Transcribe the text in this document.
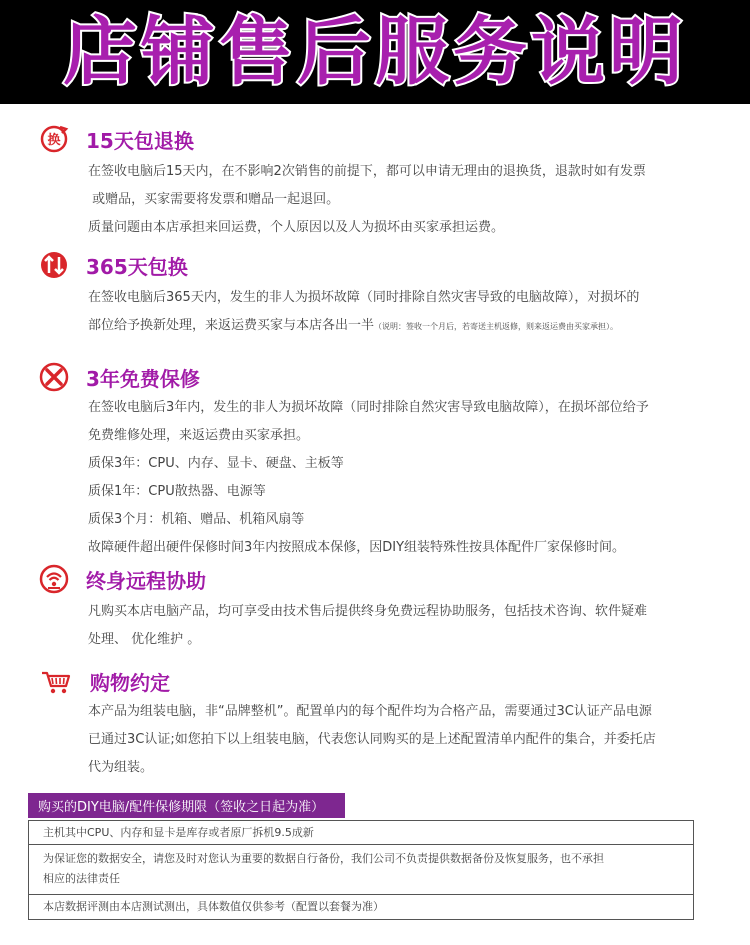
店铺售后服务说明
换 15天包退换

在签收电脑后15天内，在不影响2次销售的前提下，都可以申请无理由的退换货，退款时如有发票

或赠品，买家需要将发票和赠品一起退回。

质量问题由本店承担来回运费，个人原因以及人为损坏由买家承担运费。

365天包换

在签收电脑后365天内，发生的非人为损坏故障（同时排除自然灾害导致的电脑故障），对损坏的

部位给予换新处理，来返运费买家与本店各出一半（说明：签收一个月后，若寄送主机返修，则来返运费由买家承担）。

3年免费保修

在签收电脑后3年内，发生的非人为损坏故障（同时排除自然灾害导致电脑故障），在损坏部位给予

免费维修处理，来返运费由买家承担。

质保3年：CPU、内存、显卡、硬盘、主板等

质保1年：CPU散热器、电源等

质保3个月：机箱、赠品、机箱风扇等

故障硬件超出硬件保修时间3年内按照成本保修，因DIY组装特殊性按具体配件厂家保修时间。

终身远程协助

凡购买本店电脑产品，均可享受由技术售后提供终身免费远程协助服务，包括技术咨询、软件疑难

处理、 优化维护 。

购物约定

本产品为组装电脑，非“品牌整机”。配置单内的每个配件均为合格产品，需要通过3C认证产品电源

已通过3C认证;如您拍下以上组装电脑，代表您认同购买的是上述配置清单内配件的集合，并委托店

代为组装。

购买的DIY电脑/配件保修期限（签收之日起为准）
主机其中CPU、内存和显卡是库存或者原厂拆机9.5成新
为保证您的数据安全，请您及时对您认为重要的数据自行备份，我们公司不负责提供数据备份及恢复服务，也不承担
相应的法律责任
本店数据评测由本店测试测出，具体数值仅供参考（配置以套餐为准）
